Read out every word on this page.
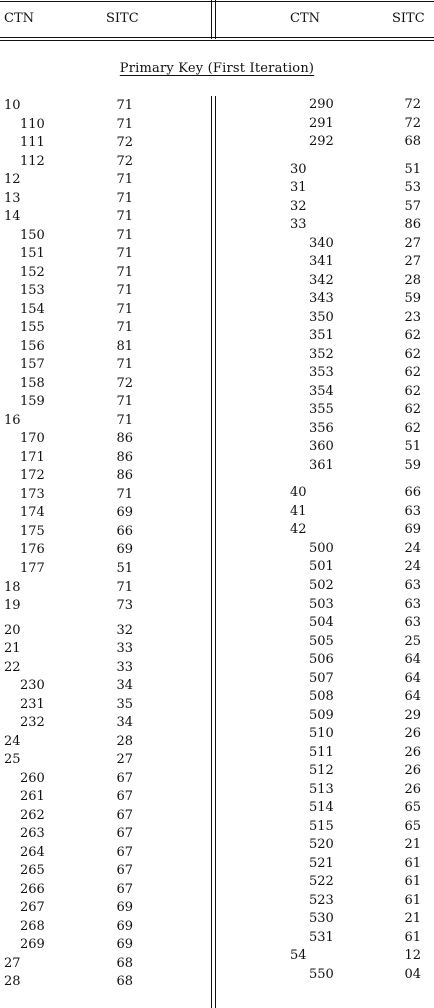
CTN	SITC	CTN	SITC
Primary Key (First Iteration)
10	71
110	71
111	72
112	72
12	71
13	71
14	71
150	71
151	71
152	71
153	71
154	71
155	71
156	81
157	71
158	72
159	71
16	71
170	86
171	86
172	86
173	71
174	69
175	66
176	69
177	51
18	71
19	73
20	32
21	33
22	33
230	34
231	35
232	34
24	28
25	27
260	67
261	67
262	67
263	67
264	67
265	67
266	67
267	69
268	69
269	69
27	68
28	68
290	72
291	72
292	68
30	51
31	53
32	57
33	86
340	27
341	27
342	28
343	59
350	23
351	62
352	62
353	62
354	62
355	62
356	62
360	51
361	59
40	66
41	63
42	69
500	24
501	24
502	63
503	63
504	63
505	25
506	64
507	64
508	64
509	29
510	26
511	26
512	26
513	26
514	65
515	65
520	21
521	61
522	61
523	61
530	21
531	61
54	12
550	04
